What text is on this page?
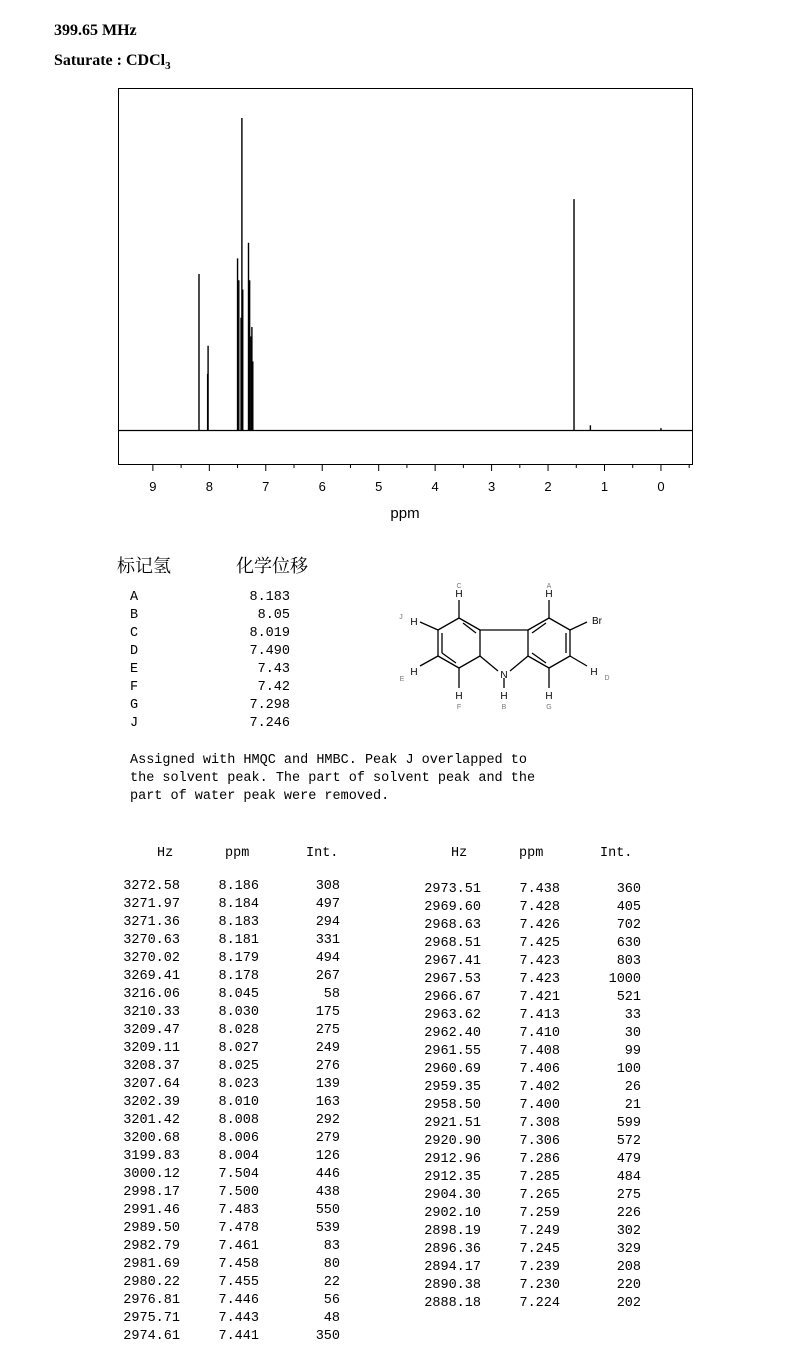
399.65 MHz
Saturate : CDCl$_3$
9	8	7	6	5	4	3	2	1	0
ppm
标记氢	化学位移
A	8.183
B	8.05
C	8.019
D	7.490
E	7.43
F	7.42
G	7.298
J	7.246
N
Br
H	H
H
H
H	H	H
H
C	A
J
E
F	B	G
D
Assigned with HMQC and HMBC. Peak J overlapped to
the solvent peak. The part of solvent peak and the
part of water peak were removed.
Hz	ppm	Int.	Hz	ppm	Int.
3272.58	8.186	308
3271.97	8.184	497
3271.36	8.183	294
3270.63	8.181	331
3270.02	8.179	494
3269.41	8.178	267
3216.06	8.045	58
3210.33	8.030	175
3209.47	8.028	275
3209.11	8.027	249
3208.37	8.025	276
3207.64	8.023	139
3202.39	8.010	163
3201.42	8.008	292
3200.68	8.006	279
3199.83	8.004	126
3000.12	7.504	446
2998.17	7.500	438
2991.46	7.483	550
2989.50	7.478	539
2982.79	7.461	83
2981.69	7.458	80
2980.22	7.455	22
2976.81	7.446	56
2975.71	7.443	48
2974.61	7.441	350
2973.51	7.438	360
2969.60	7.428	405
2968.63	7.426	702
2968.51	7.425	630
2967.41	7.423	803
2967.53	7.423	1000
2966.67	7.421	521
2963.62	7.413	33
2962.40	7.410	30
2961.55	7.408	99
2960.69	7.406	100
2959.35	7.402	26
2958.50	7.400	21
2921.51	7.308	599
2920.90	7.306	572
2912.96	7.286	479
2912.35	7.285	484
2904.30	7.265	275
2902.10	7.259	226
2898.19	7.249	302
2896.36	7.245	329
2894.17	7.239	208
2890.38	7.230	220
2888.18	7.224	202
